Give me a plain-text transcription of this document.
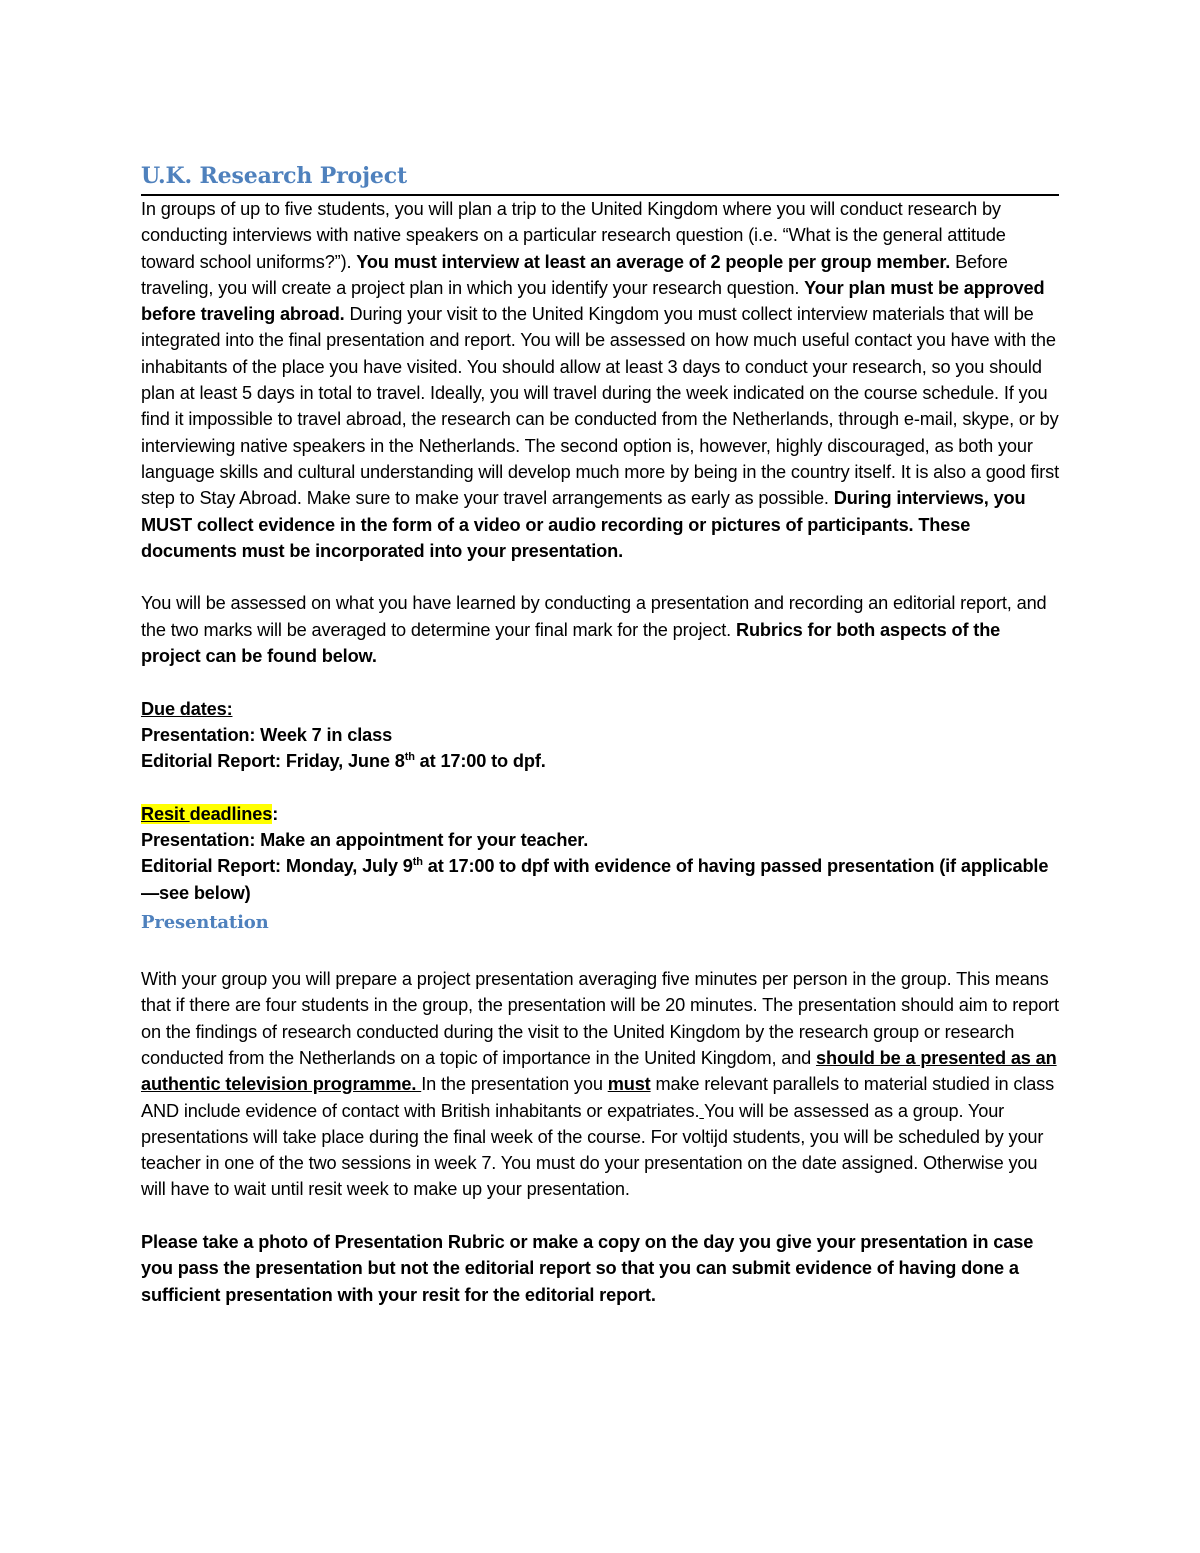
U.K. Research Project

In groups of up to five students, you will plan a trip to the United Kingdom where you will conduct research by conducting interviews with native speakers on a particular research question (i.e. “What is the general attitude toward school uniforms?”). You must interview at least an average of 2 people per group member. Before traveling, you will create a project plan in which you identify your research question. Your plan must be approved before traveling abroad. During your visit to the United Kingdom you must collect interview materials that will be integrated into the final presentation and report. You will be assessed on how much useful contact you have with the inhabitants of the place you have visited. You should allow at least 3 days to conduct your research, so you should plan at least 5 days in total to travel. Ideally, you will travel during the week indicated on the course schedule. If you find it impossible to travel abroad, the research can be conducted from the Netherlands, through e-mail, skype, or by interviewing native speakers in the Netherlands. The second option is, however, highly discouraged, as both your language skills and cultural understanding will develop much more by being in the country itself. It is also a good first step to Stay Abroad. Make sure to make your travel arrangements as early as possible. During interviews, you MUST collect evidence in the form of a video or audio recording or pictures of participants. These documents must be incorporated into your presentation.

You will be assessed on what you have learned by conducting a presentation and recording an editorial report, and the two marks will be averaged to determine your final mark for the project. Rubrics for both aspects of the project can be found below.

Due dates:
Presentation: Week 7 in class
Editorial Report: Friday, June 8th at 17:00 to dpf.

Resit deadlines:
Presentation: Make an appointment for your teacher.
Editorial Report: Monday, July 9th at 17:00 to dpf with evidence of having passed presentation (if applicable—see below)

Presentation

With your group you will prepare a project presentation averaging five minutes per person in the group. This means that if there are four students in the group, the presentation will be 20 minutes. The presentation should aim to report on the findings of research conducted during the visit to the United Kingdom by the research group or research conducted from the Netherlands on a topic of importance in the United Kingdom, and should be a presented as an authentic television programme. In the presentation you must make relevant parallels to material studied in class AND include evidence of contact with British inhabitants or expatriates. You will be assessed as a group. Your presentations will take place during the final week of the course. For voltijd students, you will be scheduled by your teacher in one of the two sessions in week 7. You must do your presentation on the date assigned. Otherwise you will have to wait until resit week to make up your presentation.

Please take a photo of Presentation Rubric or make a copy on the day you give your presentation in case you pass the presentation but not the editorial report so that you can submit evidence of having done a sufficient presentation with your resit for the editorial report.
